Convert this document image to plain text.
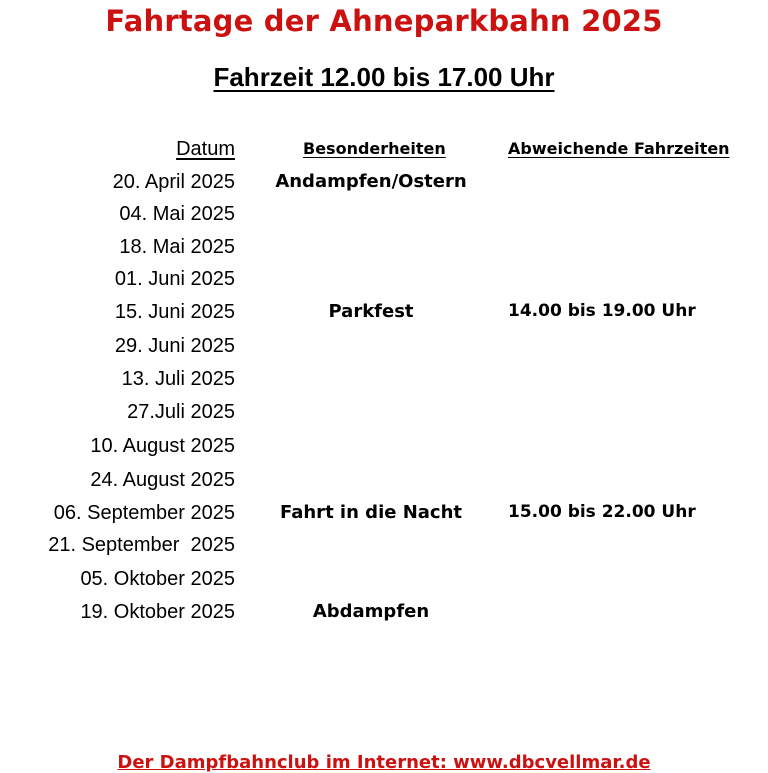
Fahrtage der Ahneparkbahn 2025
Fahrzeit 12.00 bis 17.00 Uhr
Datum	Besonderheiten	Abweichende Fahrzeiten
20. April 2025	Andampfen/Ostern
04. Mai 2025
18. Mai 2025
01. Juni 2025
15. Juni 2025	Parkfest	14.00 bis 19.00 Uhr
29. Juni 2025
13. Juli 2025
27.Juli 2025
10. August 2025
24. August 2025
06. September 2025	Fahrt in die Nacht	15.00 bis 22.00 Uhr
21. September  2025
05. Oktober 2025
19. Oktober 2025	Abdampfen
Der Dampfbahnclub im Internet: www.dbcvellmar.de
